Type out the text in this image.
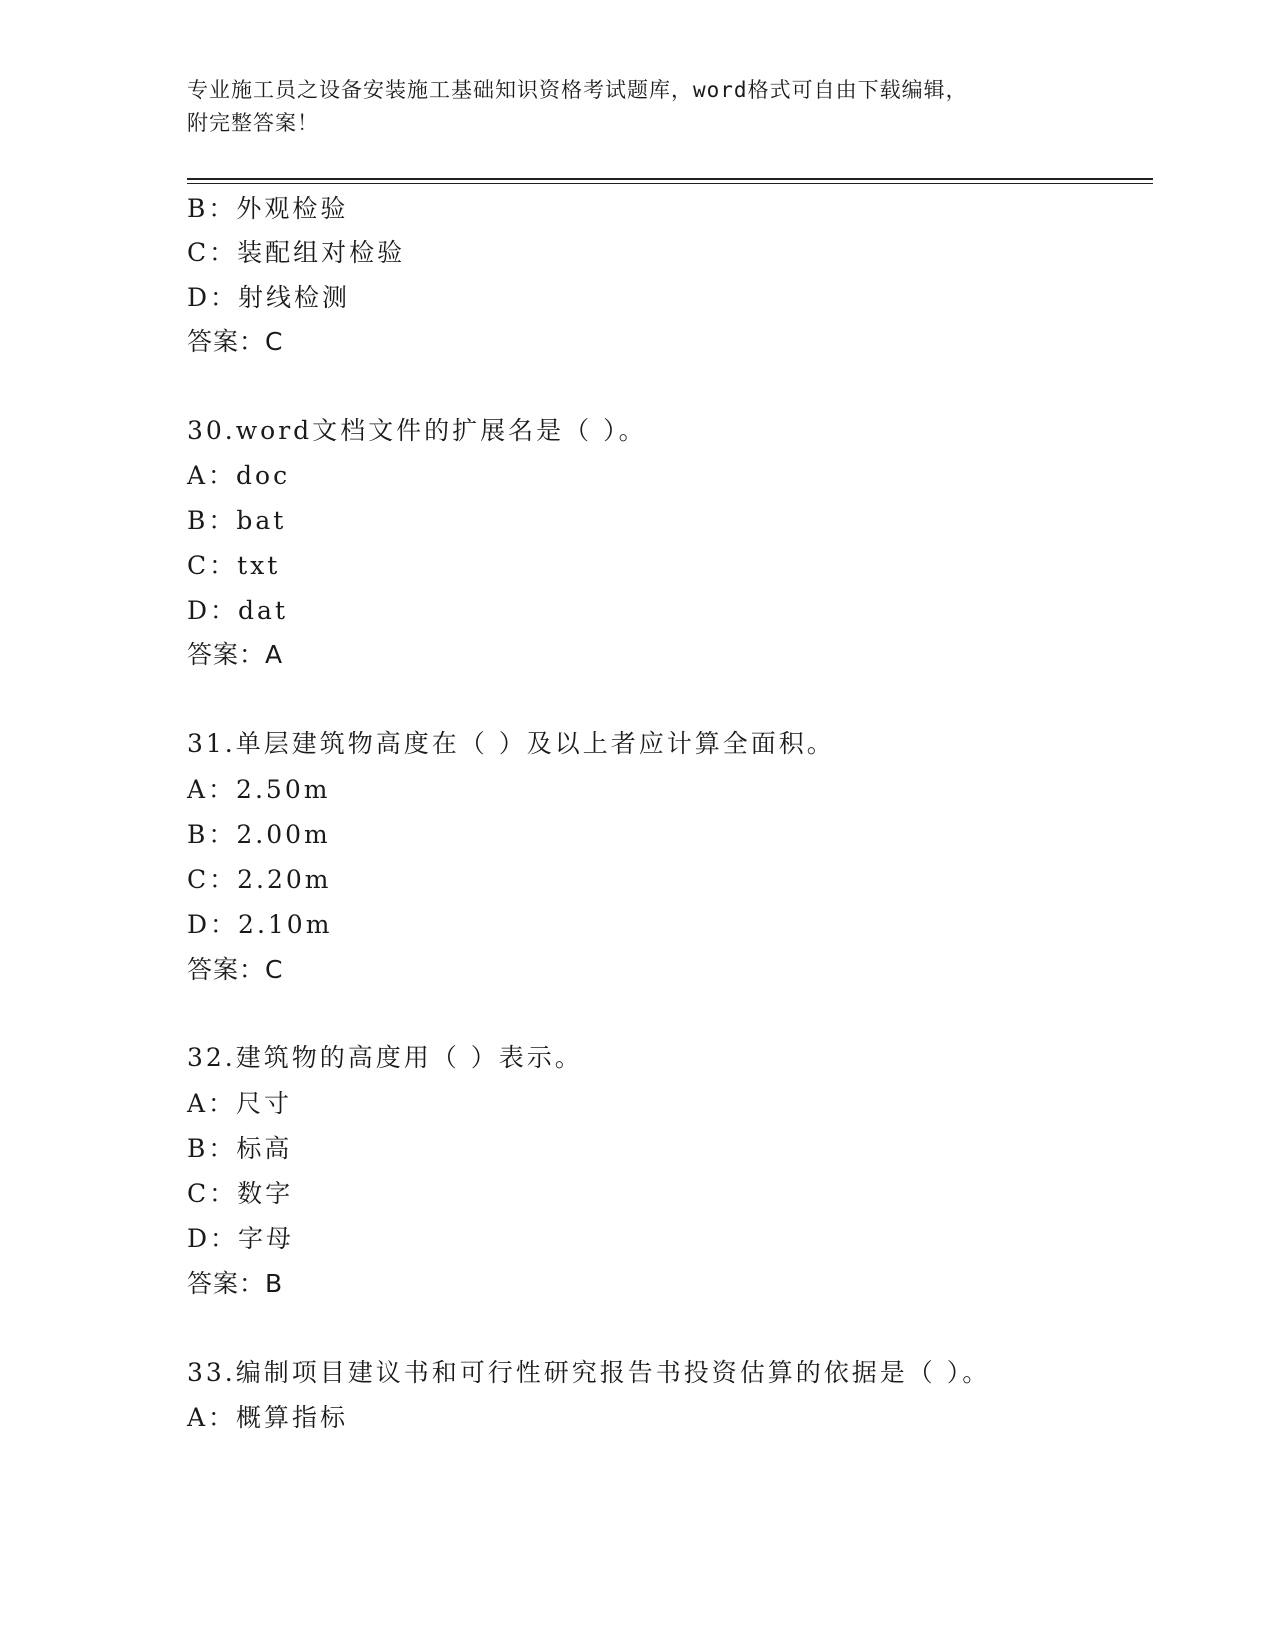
专业施工员之设备安装施工基础知识资格考试题库，word格式可自由下载编辑，
附完整答案！
B：外观检验
C：装配组对检验
D：射线检测
答案：C
30.word文档文件的扩展名是（ ）。
A：doc
B：bat
C：txt
D：dat
答案：A
31.单层建筑物高度在（ ）及以上者应计算全面积。
A：2.50m
B：2.00m
C：2.20m
D：2.10m
答案：C
32.建筑物的高度用（ ）表示。
A：尺寸
B：标高
C：数字
D：字母
答案：B
33.编制项目建议书和可行性研究报告书投资估算的依据是（ ）。
A：概算指标
